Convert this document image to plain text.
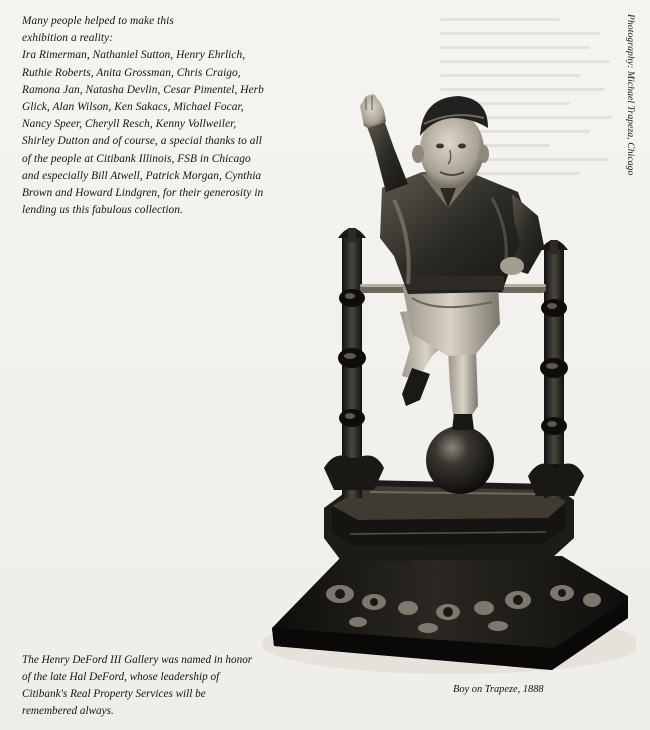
Many people helped to make this exhibition a reality:

Ira Rimerman, Nathaniel Sutton, Henry Ehrlich, Ruthie Roberts, Anita Grossman, Chris Craigo, Ramona Jan, Natasha Devlin, Cesar Pimentel, Herb Glick, Alan Wilson, Ken Sakacs, Michael Focar, Nancy Speer, Cheryll Resch, Kenny Vollweiler, Shirley Dutton and of course, a special thanks to all of the people at Citibank Illinois, FSB in Chicago and especially Bill Atwell, Patrick Morgan, Cynthia Brown and Howard Lindgren, for their generosity in lending us this fabulous collection.

The Henry DeFord III Gallery was named in honor of the late Hal DeFord, whose leadership of Citibank's Real Property Services will be remembered always.
Boy on Trapeze, 1888
Photography: Michael Trapeza, Chicago
